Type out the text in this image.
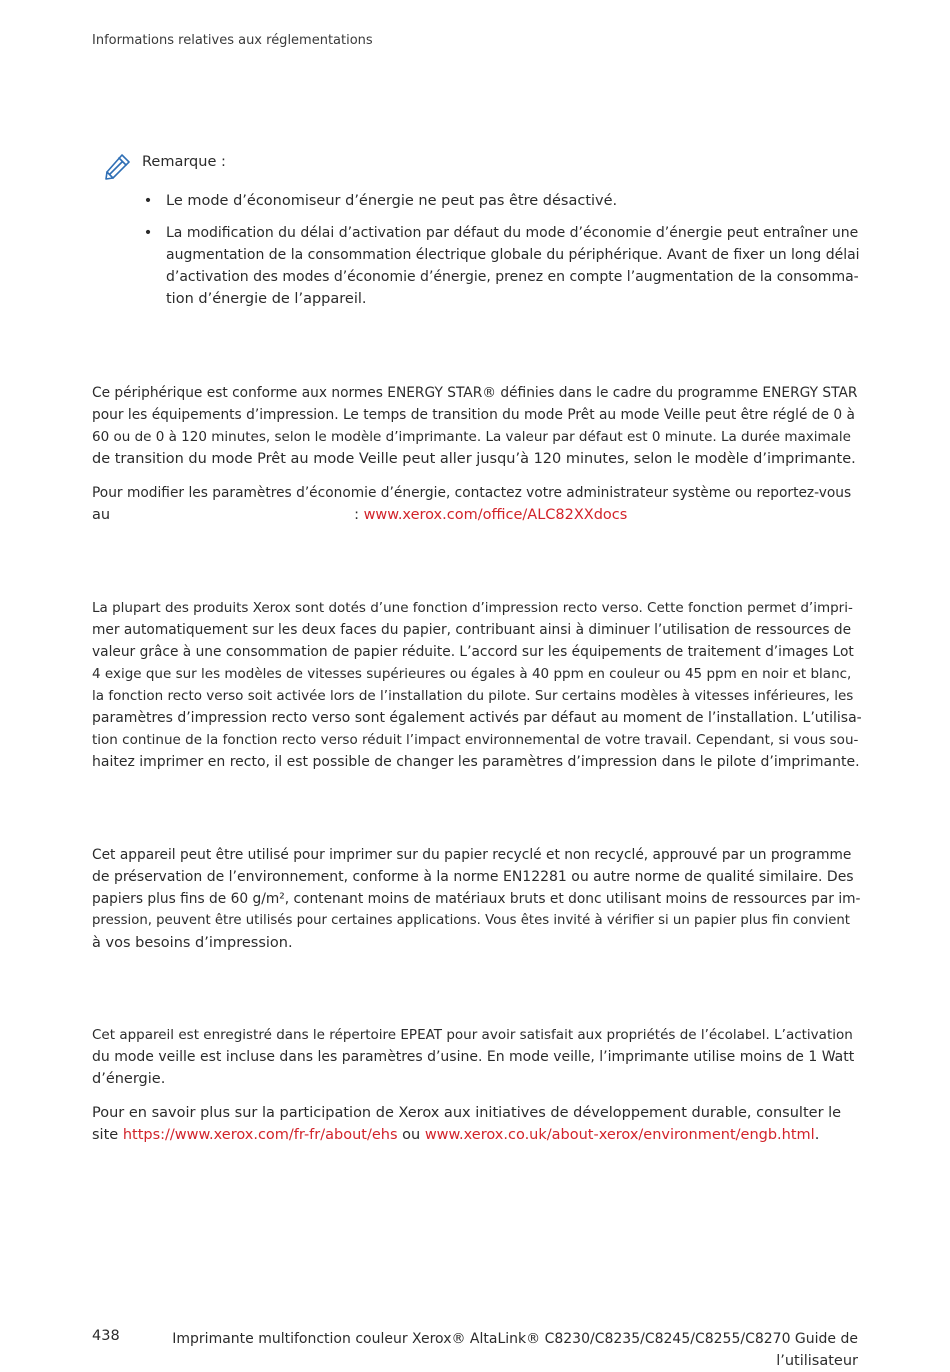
Informations relatives aux réglementations
Remarque :
• Le mode d’économiseur d’énergie ne peut pas être désactivé.
• La modification du délai d’activation par défaut du mode d’économie d’énergie peut entraîner une
augmentation de la consommation électrique globale du périphérique. Avant de fixer un long délai
d’activation des modes d’économie d’énergie, prenez en compte l’augmentation de la consomma-
tion d’énergie de l’appareil.

Ce périphérique est conforme aux normes ENERGY STAR® définies dans le cadre du programme ENERGY STAR
pour les équipements d’impression. Le temps de transition du mode Prêt au mode Veille peut être réglé de 0 à
60 ou de 0 à 120 minutes, selon le modèle d’imprimante. La valeur par défaut est 0 minute. La durée maximale
de transition du mode Prêt au mode Veille peut aller jusqu’à 120 minutes, selon le modèle d’imprimante.

Pour modifier les paramètres d’économie d’énergie, contactez votre administrateur système ou reportez-vous
au	: www.xerox.com/office/ALC82XXdocs

La plupart des produits Xerox sont dotés d’une fonction d’impression recto verso. Cette fonction permet d’impri-
mer automatiquement sur les deux faces du papier, contribuant ainsi à diminuer l’utilisation de ressources de
valeur grâce à une consommation de papier réduite. L’accord sur les équipements de traitement d’images Lot
4 exige que sur les modèles de vitesses supérieures ou égales à 40 ppm en couleur ou 45 ppm en noir et blanc,
la fonction recto verso soit activée lors de l’installation du pilote. Sur certains modèles à vitesses inférieures, les
paramètres d’impression recto verso sont également activés par défaut au moment de l’installation. L’utilisa-
tion continue de la fonction recto verso réduit l’impact environnemental de votre travail. Cependant, si vous sou-
haitez imprimer en recto, il est possible de changer les paramètres d’impression dans le pilote d’imprimante.

Cet appareil peut être utilisé pour imprimer sur du papier recyclé et non recyclé, approuvé par un programme
de préservation de l’environnement, conforme à la norme EN12281 ou autre norme de qualité similaire. Des
papiers plus fins de 60 g/m², contenant moins de matériaux bruts et donc utilisant moins de ressources par im-
pression, peuvent être utilisés pour certaines applications. Vous êtes invité à vérifier si un papier plus fin convient
à vos besoins d’impression.

Cet appareil est enregistré dans le répertoire EPEAT pour avoir satisfait aux propriétés de l’écolabel. L’activation
du mode veille est incluse dans les paramètres d’usine. En mode veille, l’imprimante utilise moins de 1 Watt
d’énergie.

Pour en savoir plus sur la participation de Xerox aux initiatives de développement durable, consulter le
site https://www.xerox.com/fr-fr/about/ehs ou www.xerox.co.uk/about-xerox/environment/engb.html.

438	Imprimante multifonction couleur Xerox® AltaLink® C8230/C8235/C8245/C8255/C8270 Guide de
l’utilisateur
